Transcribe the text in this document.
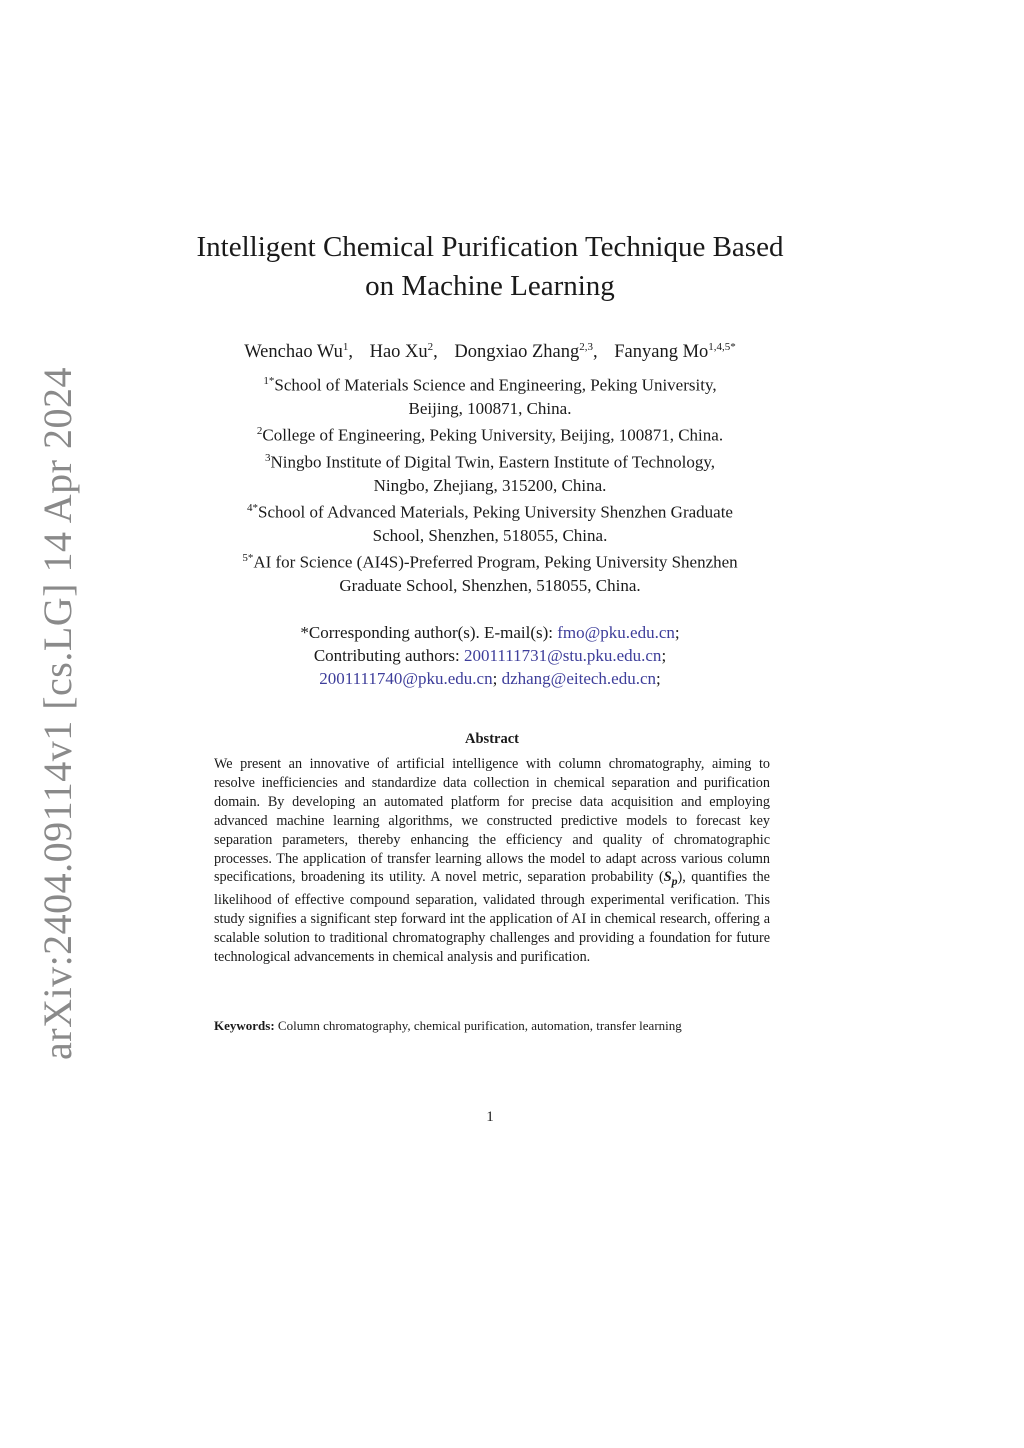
arXiv:2404.09114v1 [cs.LG] 14 Apr 2024
Intelligent Chemical Purification Technique Based
on Machine Learning
Wenchao Wu$^1$, Hao Xu$^2$, Dongxiao Zhang$^{2,3}$, Fanyang $Mo^{1,4,5*}$
$^{1*}$School of Materials Science and Engineering, Peking University,
Beijing, 100871, China.
$^2$College of Engineering, Peking University, Beijing, 100871, China.
$^3$Ningbo Institute of Digital Twin, Eastern Institute of Technology,
Ningbo, Zhejiang, 315200, China.
$^{4*}$School of Advanced Materials, Peking University Shenzhen Graduate
School, Shenzhen, 518055, China.
$^{5*}$AI for Science (AI4S)-Preferred Program, Peking University Shenzhen
Graduate School, Shenzhen, 518055, China.
*Corresponding author(s). E-mail(s): fmo@pku.edu.cn;
Contributing authors: 2001111731@stu.pku.edu.cn;
2001111740@pku.edu.cn; dzhang@eitech.edu.cn;
Abstract
We present an innovative of artificial intelligence with column chromatography, aiming to resolve inefficiencies and standardize data collection in chemical separation and purification domain. By developing an automated platform for precise data acquisition and employing advanced machine learning algorithms, we constructed predictive models to forecast key separation parameters, thereby enhancing the efficiency and quality of chromatographic processes. The application of transfer learning allows the model to adapt across various column specifications, broadening its utility. A novel metric, separation probability $(S_p)$, quantifies the likelihood of effective compound separation, validated through experimental verification. This study signifies a significant step forward int the application of AI in chemical research, offering a scalable solution to traditional chromatography challenges and providing a foundation for future technological advancements in chemical analysis and purification.
Keywords: Column chromatography, chemical purification, automation, transfer learning
1
